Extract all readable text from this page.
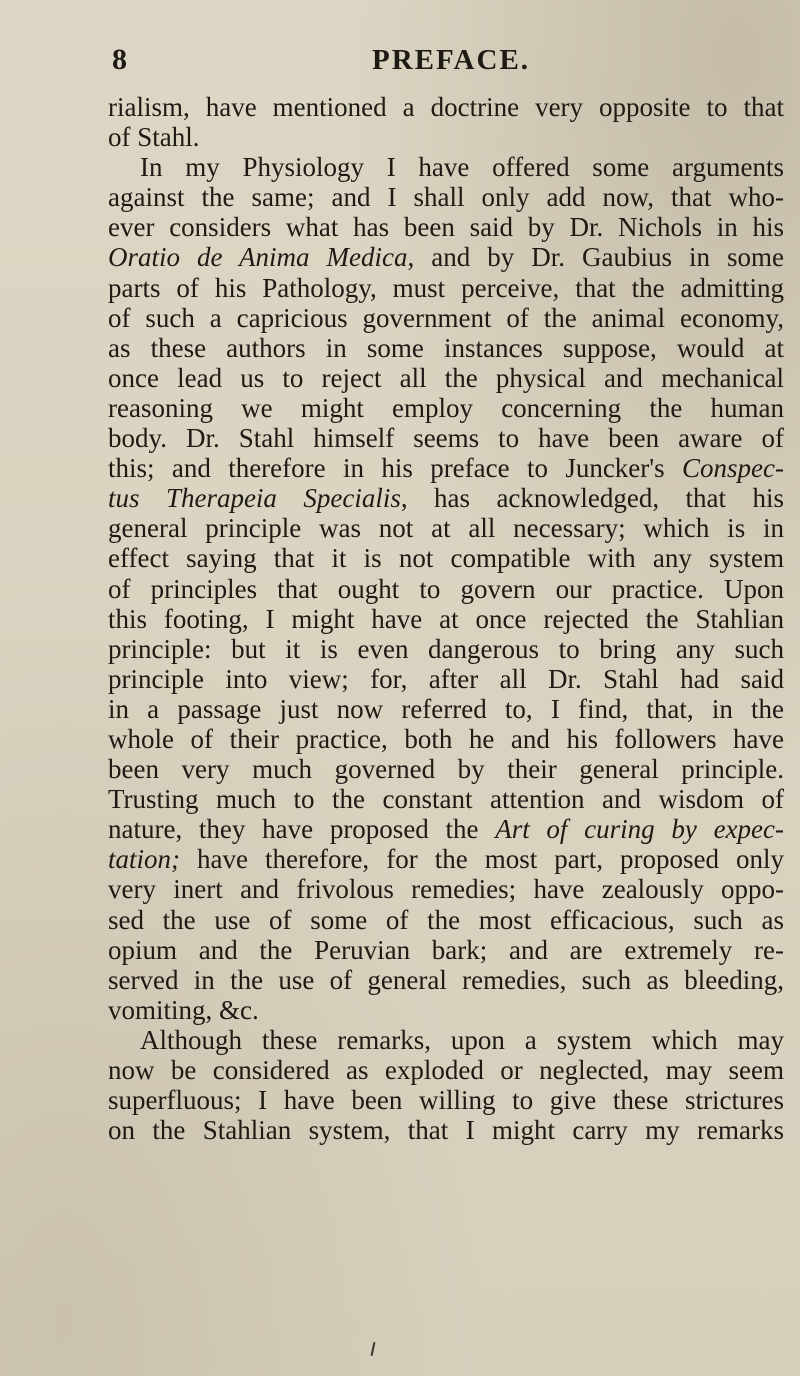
8	PREFACE.
rialism, have mentioned a doctrine very opposite to that
of Stahl.
In my Physiology I have offered some arguments
against the same; and I shall only add now, that who-
ever considers what has been said by Dr. Nichols in his
Oratio de Anima Medica, and by Dr. Gaubius in some
parts of his Pathology, must perceive, that the admitting
of such a capricious government of the animal economy,
as these authors in some instances suppose, would at
once lead us to reject all the physical and mechanical
reasoning we might employ concerning the human
body. Dr. Stahl himself seems to have been aware of
this; and therefore in his preface to Juncker's Conspec-
tus Therapeia Specialis, has acknowledged, that his
general principle was not at all necessary; which is in
effect saying that it is not compatible with any system
of principles that ought to govern our practice. Upon
this footing, I might have at once rejected the Stahlian
principle: but it is even dangerous to bring any such
principle into view; for, after all Dr. Stahl had said
in a passage just now referred to, I find, that, in the
whole of their practice, both he and his followers have
been very much governed by their general principle.
Trusting much to the constant attention and wisdom of
nature, they have proposed the Art of curing by expec-
tation; have therefore, for the most part, proposed only
very inert and frivolous remedies; have zealously oppo-
sed the use of some of the most efficacious, such as
opium and the Peruvian bark; and are extremely re-
served in the use of general remedies, such as bleeding,
vomiting, &c.
Although these remarks, upon a system which may
now be considered as exploded or neglected, may seem
superfluous; I have been willing to give these strictures
on the Stahlian system, that I might carry my remarks
